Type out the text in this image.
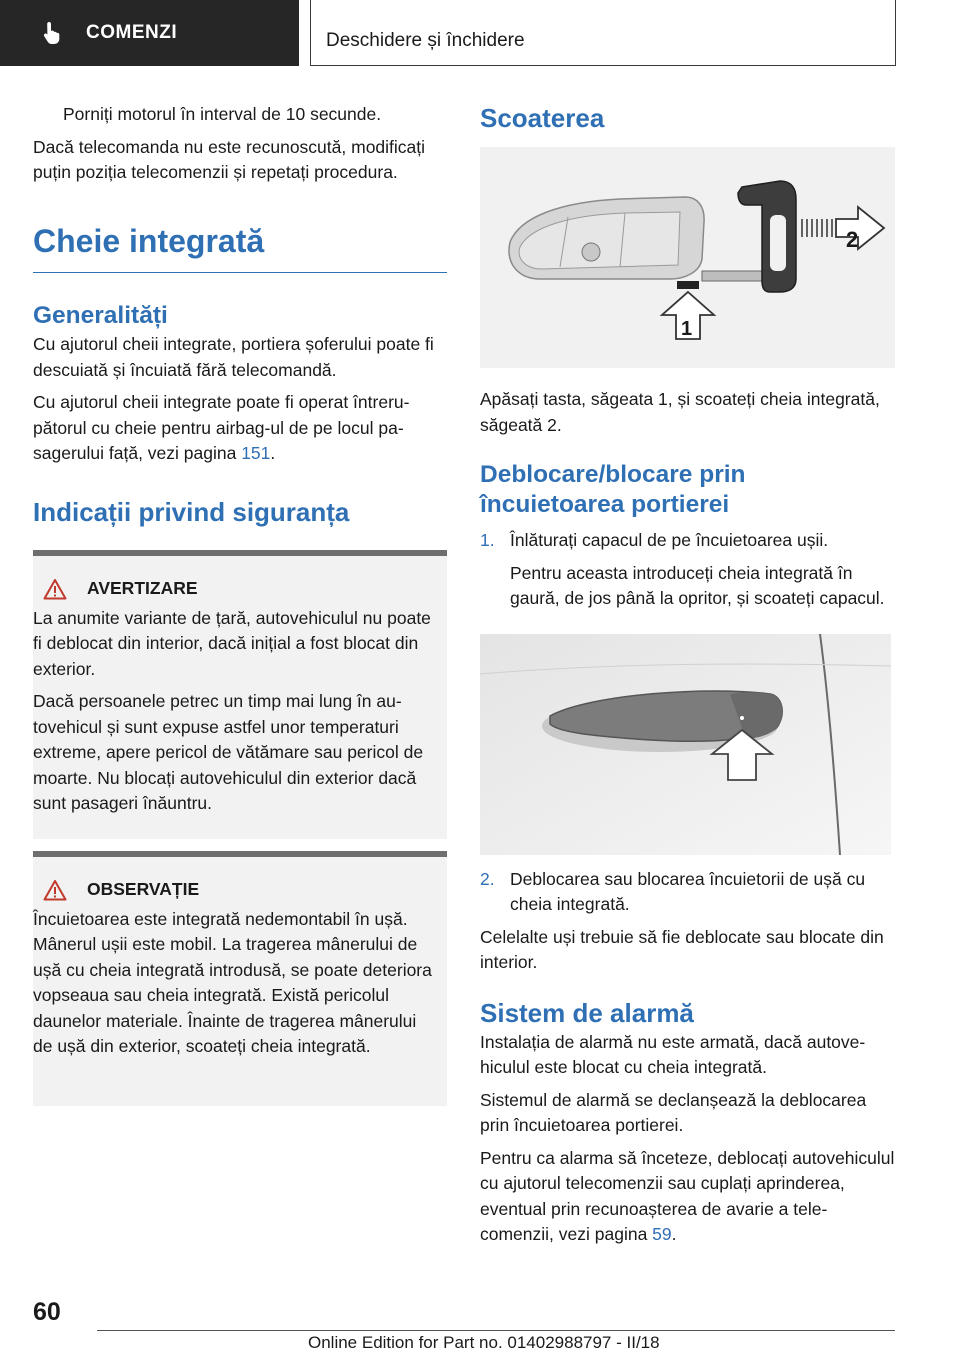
COMENZI	Deschidere și închidere

Porniți motorul în interval de 10 secunde.

Dacă telecomanda nu este recunoscută, modificați puțin poziția telecomenzii și repetați procedura.

Cheie integrată
Generalități

Cu ajutorul cheii integrate, portiera șoferului poate fi descuiată și încuiată fără telecomandă.

Cu ajutorul cheii integrate poate fi operat întrerupătorul cu cheie pentru airbag-ul de pe locul pasagerului față, vezi pagina 151.

Indicații privind siguranța
AVERTIZARE

La anumite variante de țară, autovehiculul nu poate fi deblocat din interior, dacă inițial a fost blocat din exterior.

Dacă persoanele petrec un timp mai lung în autovehicul și sunt expuse astfel unor temperaturi extreme, apere pericol de vătămare sau pericol de moarte. Nu blocați autovehiculul din exterior dacă sunt pasageri înăuntru.

OBSERVAȚIE

Încuietoarea este integrată nedemontabil în ușă. Mânerul ușii este mobil. La tragerea mânerului de ușă cu cheia integrată introdusă, se poate deteriora vopseaua sau cheia integrată. Există pericolul daunelor materiale. Înainte de tragerea mânerului de ușă din exterior, scoateți cheia integrată.

Scoaterea
2
1

Apăsați tasta, săgeata 1, și scoateți cheia integrată, săgeată 2.

Deblocare/blocare prin încuietoarea portierei
1. Înlăturați capacul de pe încuietoarea ușii.

Pentru aceasta introduceți cheia integrată în gaură, de jos până la opritor, și scoateți capacul.

2. Deblocarea sau blocarea încuietorii de ușă cu cheia integrată.

Celelalte uși trebuie să fie deblocate sau blocate din interior.

Sistem de alarmă

Instalația de alarmă nu este armată, dacă autovehiculul este blocat cu cheia integrată.

Sistemul de alarmă se declanșează la deblocarea prin încuietoarea portierei.

Pentru ca alarma să înceteze, deblocați autovehiculul cu ajutorul telecomenzii sau cuplați aprinderea, eventual prin recunoașterea de avarie a telecomenzii, vezi pagina 59.

60
Online Edition for Part no. 01402988797 - II/18
